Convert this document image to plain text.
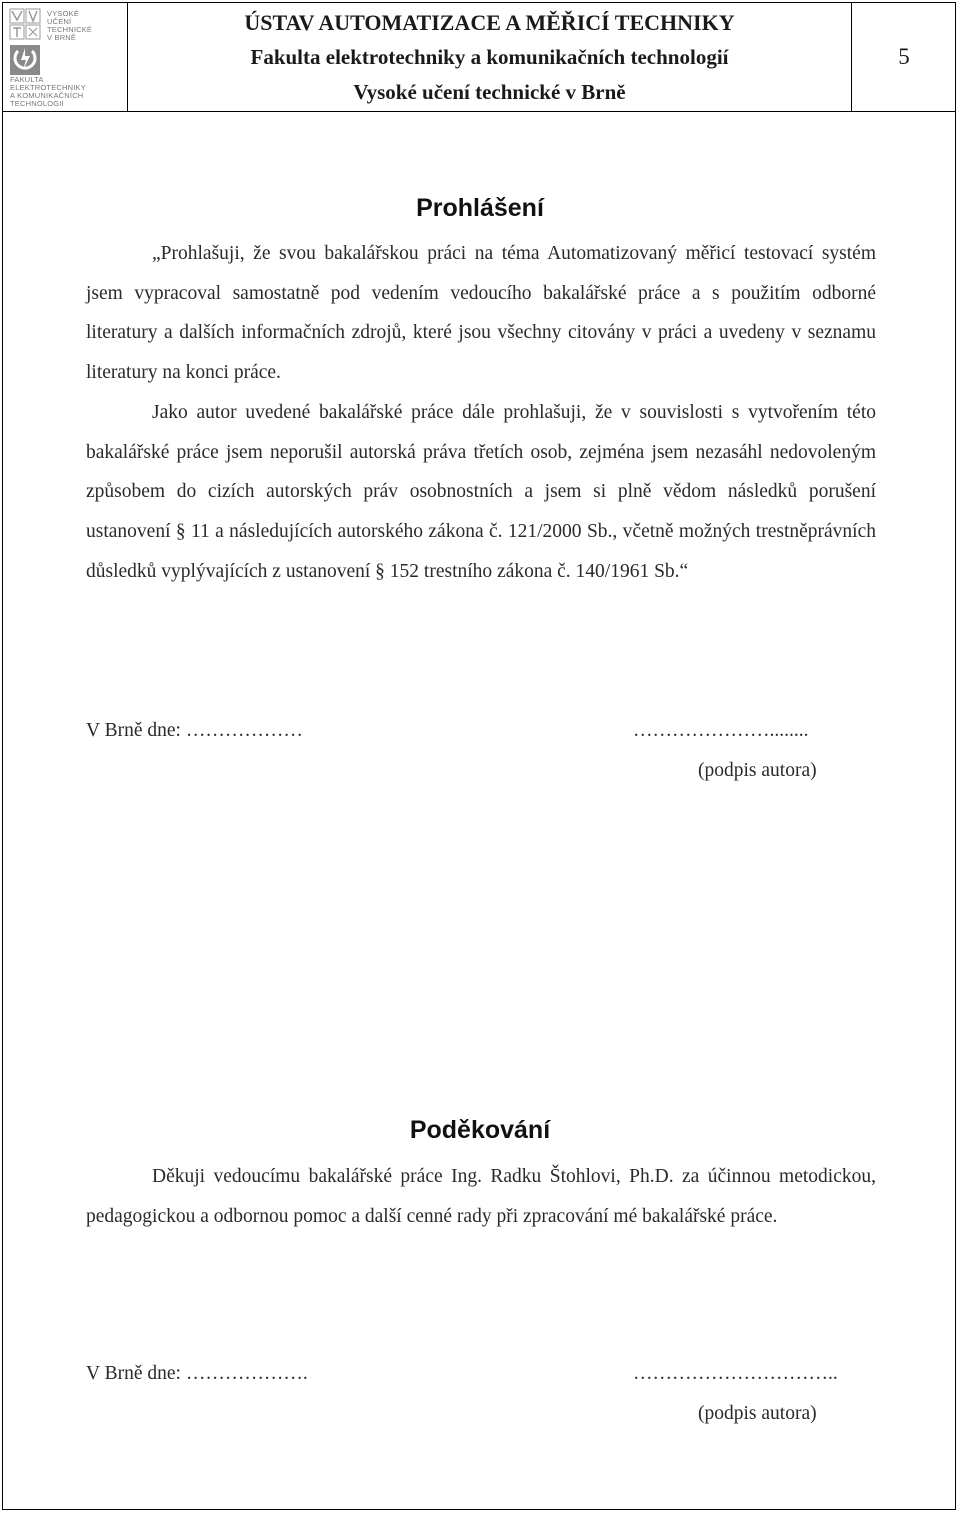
VYSOKÉ
UČENÍ
TECHNICKÉ
V BRNĚ
FAKULTA
ELEKTROTECHNIKY
A KOMUNIKAČNÍCH
TECHNOLOGIÍ
ÚSTAV AUTOMATIZACE A MĚŘICÍ TECHNIKY
Fakulta elektrotechniky a komunikačních technologií
Vysoké učení technické v Brně
5
Prohlášení
„Prohlašuji, že svou bakalářskou práci na téma Automatizovaný měřicí testovací systém jsem vypracoval samostatně pod vedením vedoucího bakalářské práce a s použitím odborné literatury a dalších informačních zdrojů, které jsou všechny citovány v práci a uvedeny v seznamu literatury na konci práce.
Jako autor uvedené bakalářské práce dále prohlašuji, že v souvislosti s vytvořením této bakalářské práce jsem neporušil autorská práva třetích osob, zejména jsem nezasáhl nedovoleným způsobem do cizích autorských práv osobnostních a jsem si plně vědom následků porušení ustanovení § 11 a následujících autorského zákona č. 121/2000 Sb., včetně možných trestněprávních důsledků vyplývajících z ustanovení § 152 trestního zákona č. 140/1961 Sb.“
V Brně dne: ………………	…………………........
(podpis autora)
Poděkování
Děkuji vedoucímu bakalářské práce Ing. Radku Štohlovi, Ph.D. za účinnou metodickou, pedagogickou a odbornou pomoc a další cenné rady při zpracování mé bakalářské práce.
V Brně dne: ……………….	…………………………..
(podpis autora)
